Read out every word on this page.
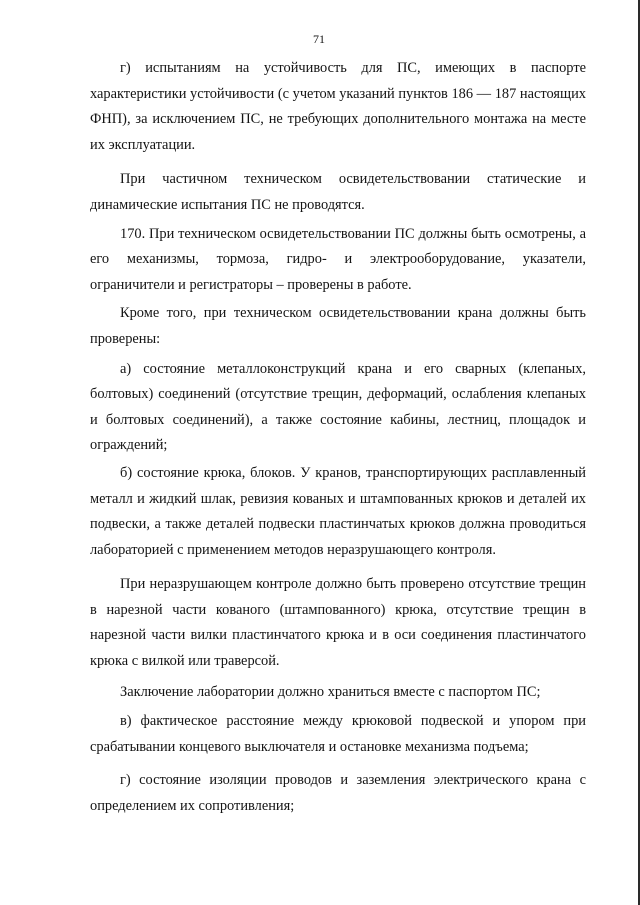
71

г) испытаниям на устойчивость для ПС, имеющих в паспорте характеристики устойчивости (с учетом указаний пунктов 186 — 187 настоящих ФНП), за исключением ПС, не требующих дополнительного монтажа на месте их эксплуатации.

При частичном техническом освидетельствовании статические и динамические испытания ПС не проводятся.

170. При техническом освидетельствовании ПС должны быть осмотрены, а его механизмы, тормоза, гидро- и электрооборудование, указатели, ограничители и регистраторы – проверены в работе.

Кроме того, при техническом освидетельствовании крана должны быть проверены:

а) состояние металлоконструкций крана и его сварных (клепаных, болтовых) соединений (отсутствие трещин, деформаций, ослабления клепаных и болтовых соединений), а также состояние кабины, лестниц, площадок и ограждений;

б) состояние крюка, блоков. У кранов, транспортирующих расплавленный металл и жидкий шлак, ревизия кованых и штампованных крюков и деталей их подвески, а также деталей подвески пластинчатых крюков должна проводиться лабораторией с применением методов неразрушающего контроля.

При неразрушающем контроле должно быть проверено отсутствие трещин в нарезной части кованого (штампованного) крюка, отсутствие трещин в нарезной части вилки пластинчатого крюка и в оси соединения пластинчатого крюка с вилкой или траверсой.

Заключение лаборатории должно храниться вместе с паспортом ПС;

в) фактическое расстояние между крюковой подвеской и упором при срабатывании концевого выключателя и остановке механизма подъема;

г) состояние изоляции проводов и заземления электрического крана с определением их сопротивления;
